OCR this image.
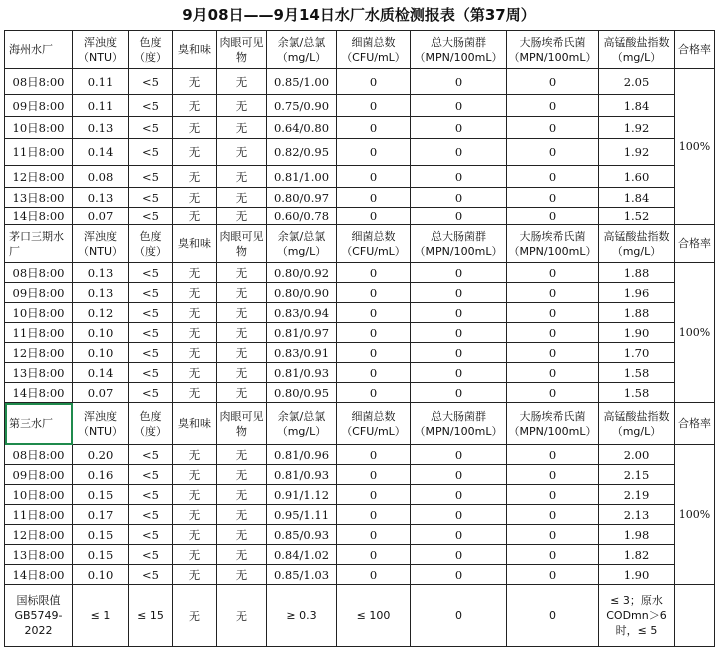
9月08日——9月14日水厂水质检测报表（第37周）
海州水厂	浑浊度（NTU）	色度（度）	臭和味	肉眼可见物	余氯/总氯（mg/L）	细菌总数（CFU/mL）	总大肠菌群（MPN/100mL）	大肠埃希氏菌（MPN/100mL）	高锰酸盐指数（mg/L）	合格率
08日8:00	0.11	<5	无	无	0.85/1.00	0	0	0	2.05	100%
09日8:00	0.11	<5	无	无	0.75/0.90	0	0	0	1.84	
10日8:00	0.13	<5	无	无	0.64/0.80	0	0	0	1.92	
11日8:00	0.14	<5	无	无	0.82/0.95	0	0	0	1.92	
12日8:00	0.08	<5	无	无	0.81/1.00	0	0	0	1.60	
13日8:00	0.13	<5	无	无	0.80/0.97	0	0	0	1.84	
14日8:00	0.07	<5	无	无	0.60/0.78	0	0	0	1.52	
茅口三期水厂	浑浊度（NTU）	色度（度）	臭和味	肉眼可见物	余氯/总氯（mg/L）	细菌总数（CFU/mL）	总大肠菌群（MPN/100mL）	大肠埃希氏菌（MPN/100mL）	高锰酸盐指数（mg/L）	合格率
08日8:00	0.13	<5	无	无	0.80/0.92	0	0	0	1.88	100%
09日8:00	0.13	<5	无	无	0.80/0.90	0	0	0	1.96	
10日8:00	0.12	<5	无	无	0.83/0.94	0	0	0	1.88	
11日8:00	0.10	<5	无	无	0.81/0.97	0	0	0	1.90	
12日8:00	0.10	<5	无	无	0.83/0.91	0	0	0	1.70	
13日8:00	0.14	<5	无	无	0.81/0.93	0	0	0	1.58	
14日8:00	0.07	<5	无	无	0.80/0.95	0	0	0	1.58	
第三水厂	浑浊度（NTU）	色度（度）	臭和味	肉眼可见物	余氯/总氯（mg/L）	细菌总数（CFU/mL）	总大肠菌群（MPN/100mL）	大肠埃希氏菌（MPN/100mL）	高锰酸盐指数（mg/L）	合格率
08日8:00	0.20	<5	无	无	0.81/0.96	0	0	0	2.00	100%
09日8:00	0.16	<5	无	无	0.81/0.93	0	0	0	2.15	
10日8:00	0.15	<5	无	无	0.91/1.12	0	0	0	2.19	
11日8:00	0.17	<5	无	无	0.95/1.11	0	0	0	2.13	
12日8:00	0.15	<5	无	无	0.85/0.93	0	0	0	1.98	
13日8:00	0.15	<5	无	无	0.84/1.02	0	0	0	1.82	
14日8:00	0.10	<5	无	无	0.85/1.03	0	0	0	1.90	
国标限值GB5749-2022	≤ 1	≤ 15	无	无	≥ 0.3	≤ 100	0	0	≤ 3；原水CODmn＞6时，≤ 5	
